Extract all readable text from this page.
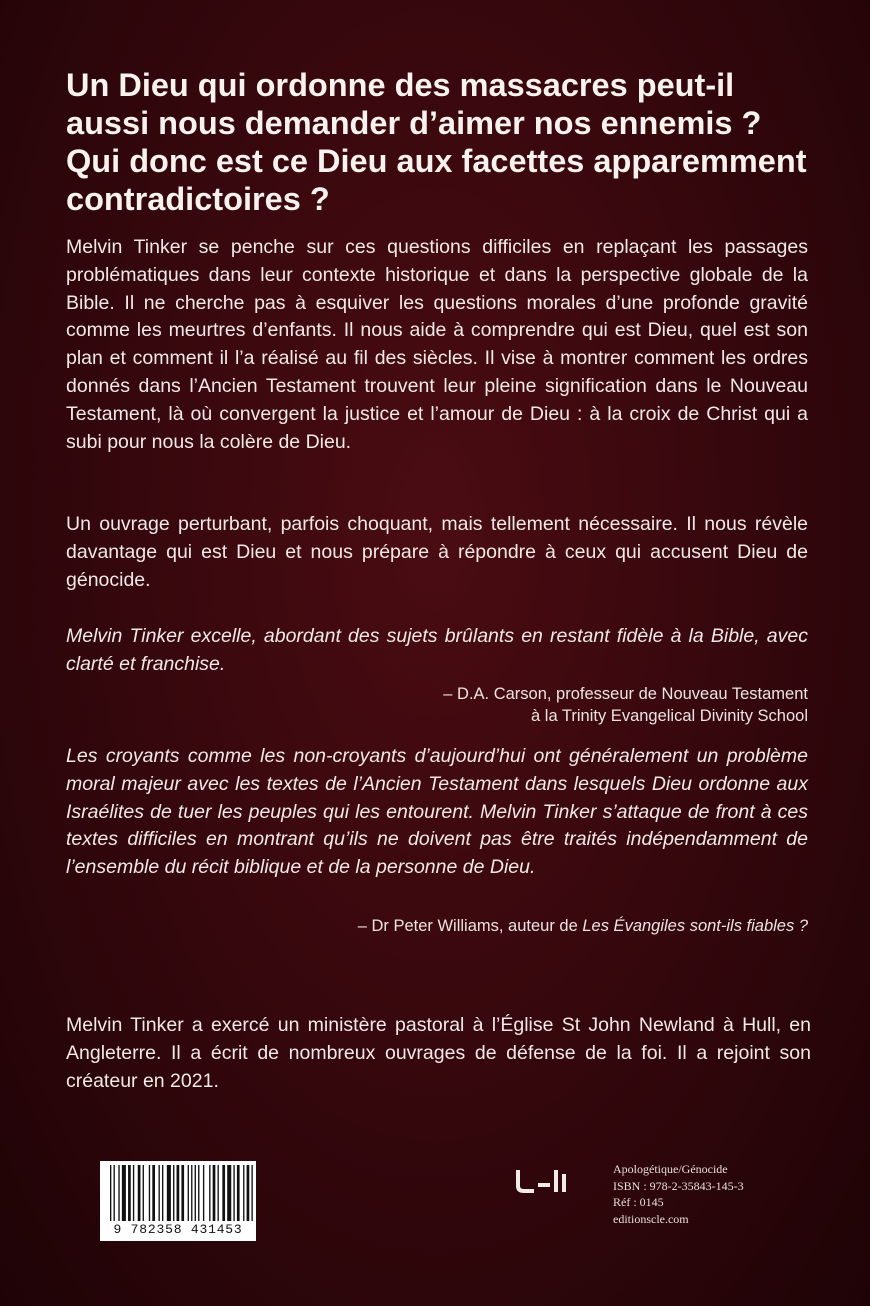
Un Dieu qui ordonne des massacres peut-il aussi nous demander d’aimer nos ennemis ? Qui donc est ce Dieu aux facettes apparemment contradictoires ?

Melvin Tinker se penche sur ces questions difficiles en replaçant les passages problématiques dans leur contexte historique et dans la perspective globale de la Bible. Il ne cherche pas à esquiver les questions morales d’une profonde gravité comme les meurtres d’enfants. Il nous aide à comprendre qui est Dieu, quel est son plan et comment il l’a réalisé au fil des siècles. Il vise à montrer comment les ordres donnés dans l’Ancien Testament trouvent leur pleine signification dans le Nouveau Testament, là où convergent la justice et l’amour de Dieu : à la croix de Christ qui a subi pour nous la colère de Dieu.

Un ouvrage perturbant, parfois choquant, mais tellement nécessaire. Il nous révèle davantage qui est Dieu et nous prépare à répondre à ceux qui accusent Dieu de génocide.

Melvin Tinker excelle, abordant des sujets brûlants en restant fidèle à la Bible, avec clarté et franchise.

– D.A. Carson, professeur de Nouveau Testament
à la Trinity Evangelical Divinity School

Les croyants comme les non-croyants d’aujourd’hui ont généralement un problème moral majeur avec les textes de l’Ancien Testament dans lesquels Dieu ordonne aux Israélites de tuer les peuples qui les entourent. Melvin Tinker s’attaque de front à ces textes difficiles en montrant qu’ils ne doivent pas être traités indépendamment de l’ensemble du récit biblique et de la personne de Dieu.

– Dr Peter Williams, auteur de Les Évangiles sont-ils fiables ?

Melvin Tinker a exercé un ministère pastoral à l’Église St John Newland à Hull, en Angleterre. Il a écrit de nombreux ouvrages de défense de la foi. Il a rejoint son créateur en 2021.

9 782358 431453
Apologétique/Génocide
ISBN : 978-2-35843-145-3
Réf : 0145
editionscle.com
